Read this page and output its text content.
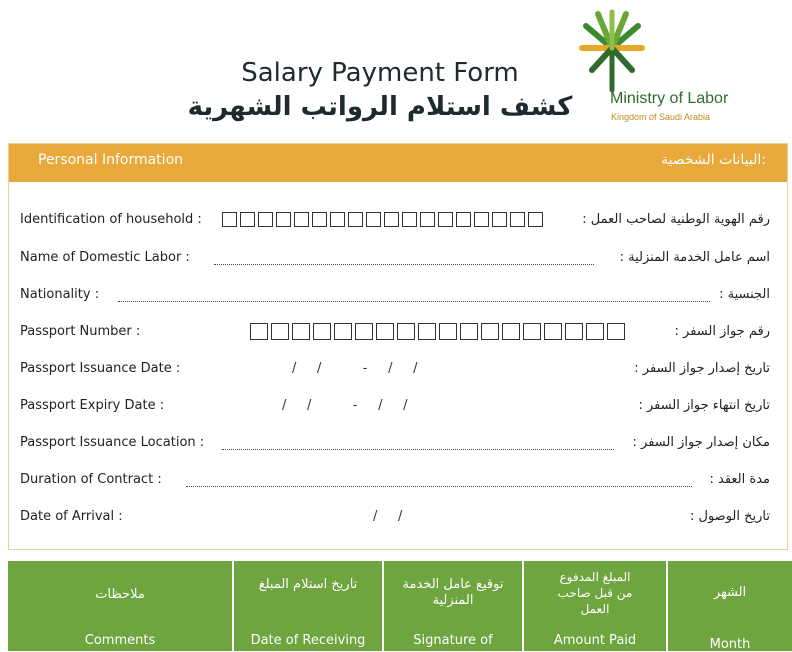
Salary Payment Form
كشف استلام الرواتب الشهرية	Ministry of Labor
Kingdom of Saudi Arabia
Personal Information	البيانات الشخصية:
Identification of household :	رقم الهوية الوطنية لصاحب العمل :
Name of Domestic Labor :	اسم عامل الخدمة المنزلية :
Nationality :	الجنسية :
Passport Number :	رقم جواز السفر :
Passport Issuance Date :	/     /          -     /     /	تاريخ إصدار جواز السفر :
Passport Expiry Date :	/     /          -     /     /	تاريخ انتهاء جواز السفر :
Passport Issuance Location :	مكان إصدار جواز السفر :
Duration of Contract :	مدة العقد :
Date of Arrival :	/     /	تاريخ الوصول :
ملاحظات
Comments
تاريخ استلام المبلغ
Date of Receiving
توقيع عامل الخدمة المنزلية
Signature of
المبلغ المدفوع من قبل صاحب العمل
Amount Paid
الشهر
Month
